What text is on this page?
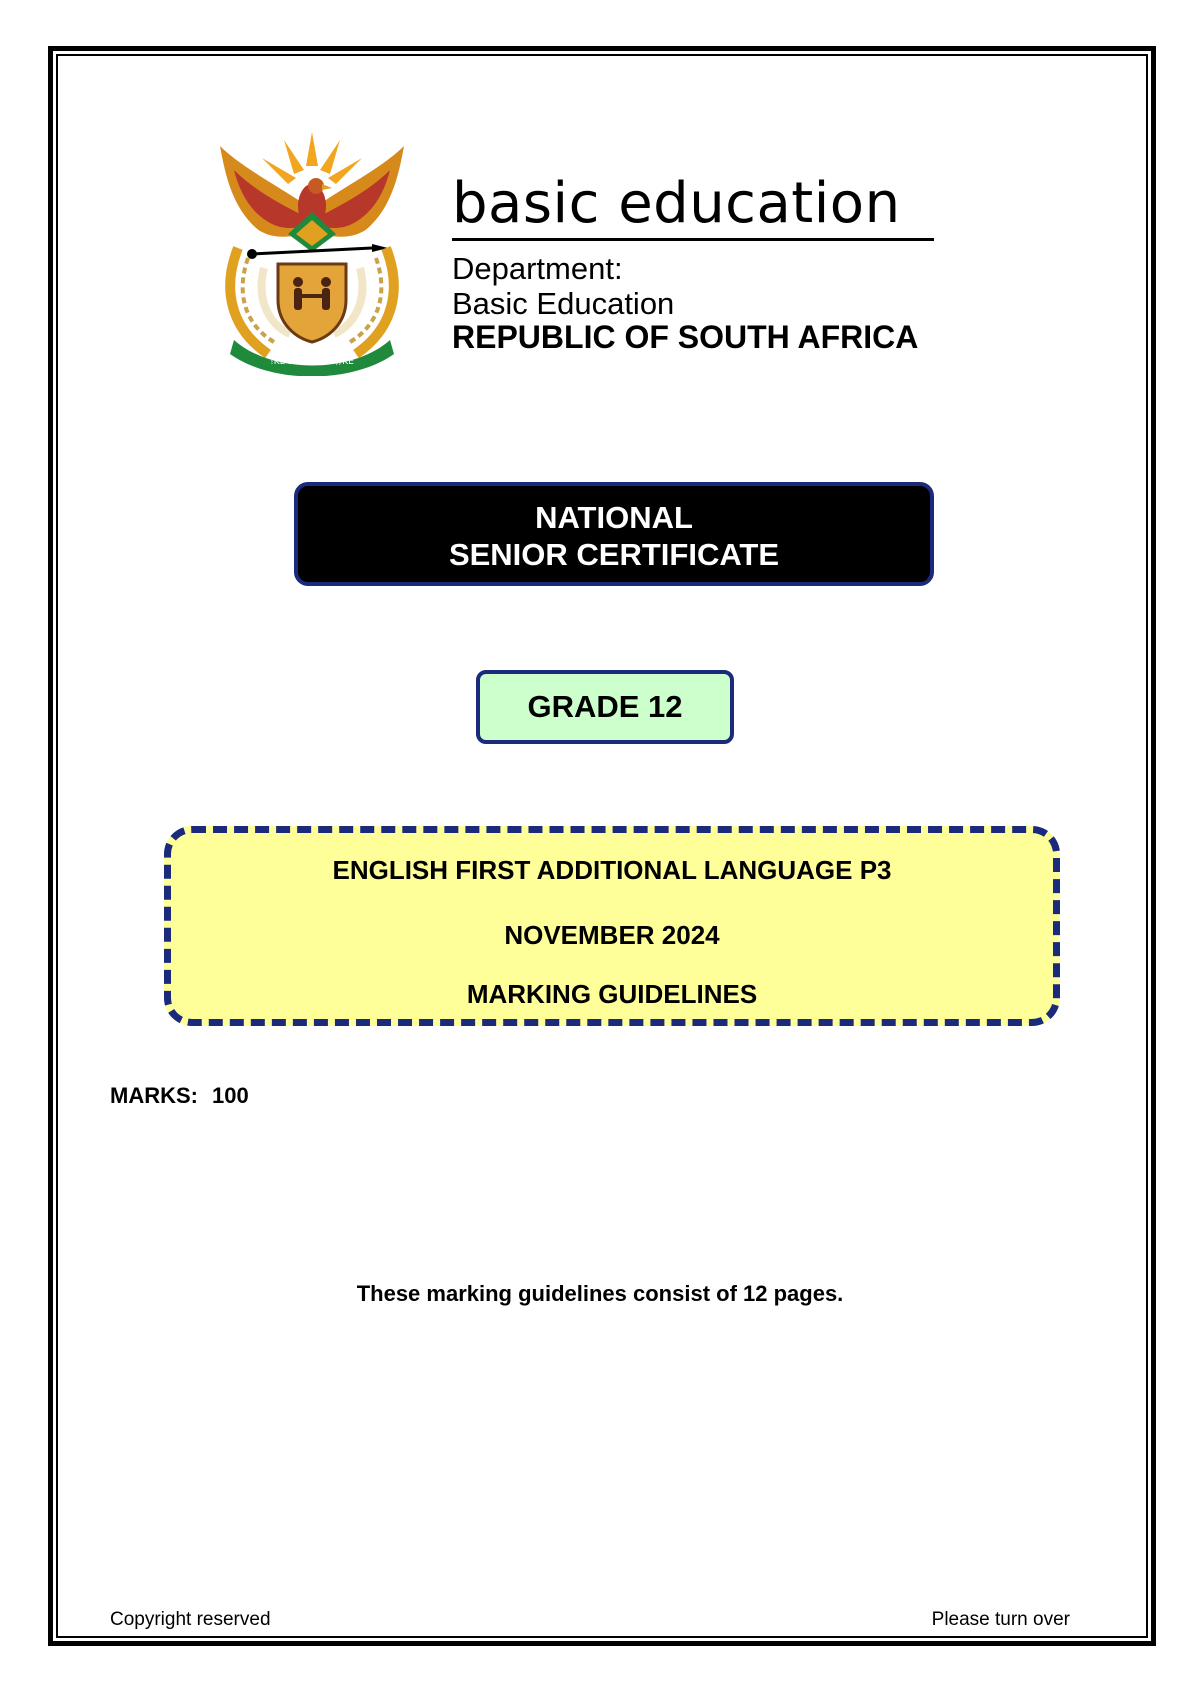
!KE E: /XARRA //KE
basic education
Department:
Basic Education
REPUBLIC OF SOUTH AFRICA
NATIONAL
SENIOR CERTIFICATE
GRADE 12
ENGLISH FIRST ADDITIONAL LANGUAGE P3
NOVEMBER 2024
MARKING GUIDELINES
MARKS: 100
These marking guidelines consist of 12 pages.
Copyright reserved	Please turn over
